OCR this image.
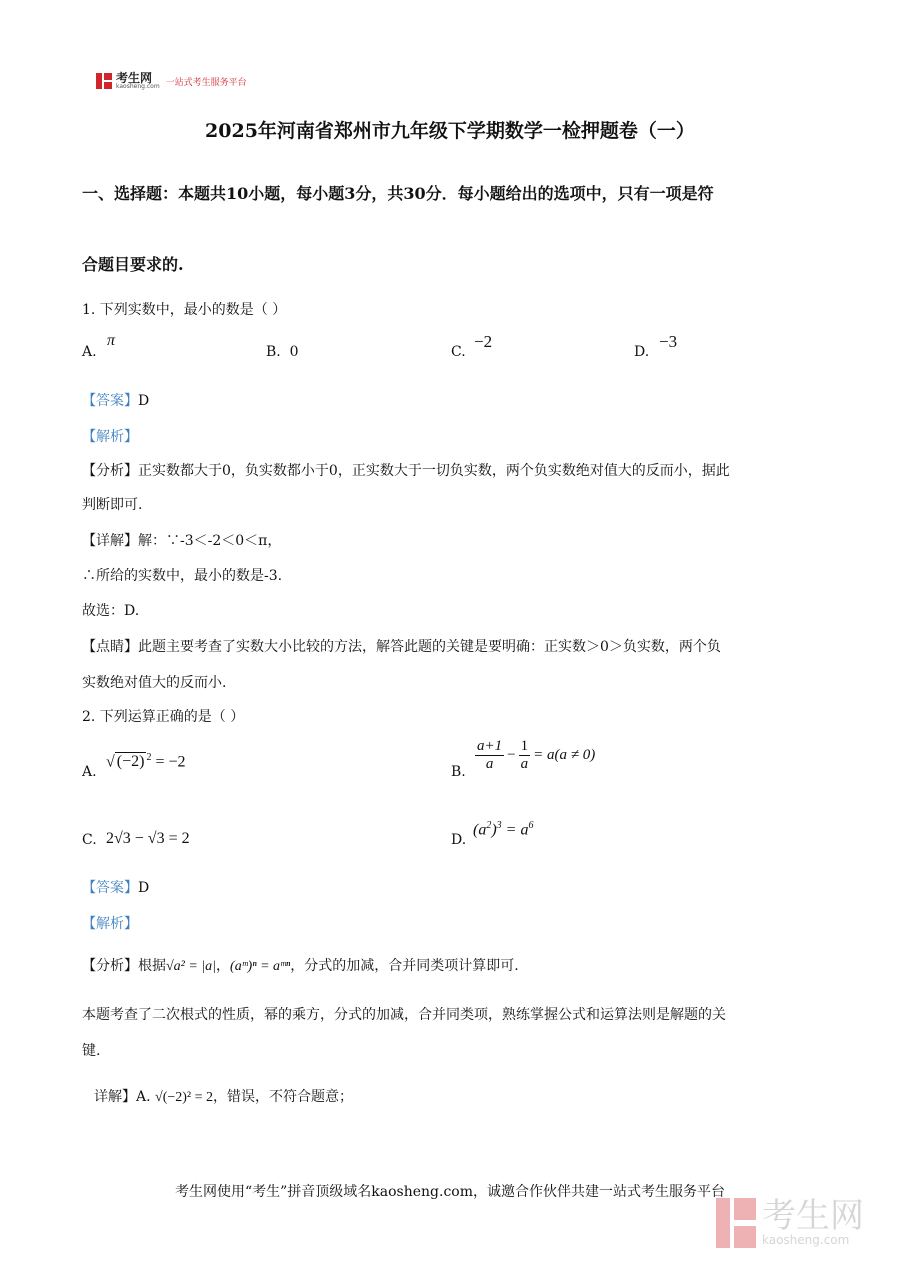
考生网
kaosheng.com 一站式考生服务平台
2025年河南省郑州市九年级下学期数学一检押题卷（一）
一、选择题：本题共10小题，每小题3分，共30分．每小题给出的选项中，只有一项是符
合题目要求的.
1. 下列实数中，最小的数是（ ）
A.
π
B. 0	C.
−2
D.
−3
【答案】D
【解析】
【分析】正实数都大于0，负实数都小于0，正实数大于一切负实数，两个负实数绝对值大的反而小，据此
判断即可.
【详解】解：∵-3＜-2＜0＜π，
∴所给的实数中，最小的数是-3.
故选：D.
【点睛】此题主要考查了实数大小比较的方法，解答此题的关键是要明确：正实数＞0＞负实数，两个负
实数绝对值大的反而小.
2. 下列运算正确的是（ ）
A.
√ (−2) $^2$ = −2
B. $\frac{a+1}{a} - \frac{1}{a} = a(a \ne 0)$
C. 2√3 − √3 = 2	D.
$(a^2)^3 = a^6$
【答案】D
【解析】
【分析】根据√a² = |a|，(aᵐ)ⁿ = aᵐⁿ，分式的加减，合并同类项计算即可.
本题考查了二次根式的性质，幂的乘方，分式的加减，合并同类项，熟练掌握公式和运算法则是解题的关
键.
详解】A. √(−2)² = 2，错误，不符合题意；
考生网使用“考生”拼音顶级域名kaosheng.com，诚邀合作伙伴共建一站式考生服务平台
考生网
kaosheng.com
